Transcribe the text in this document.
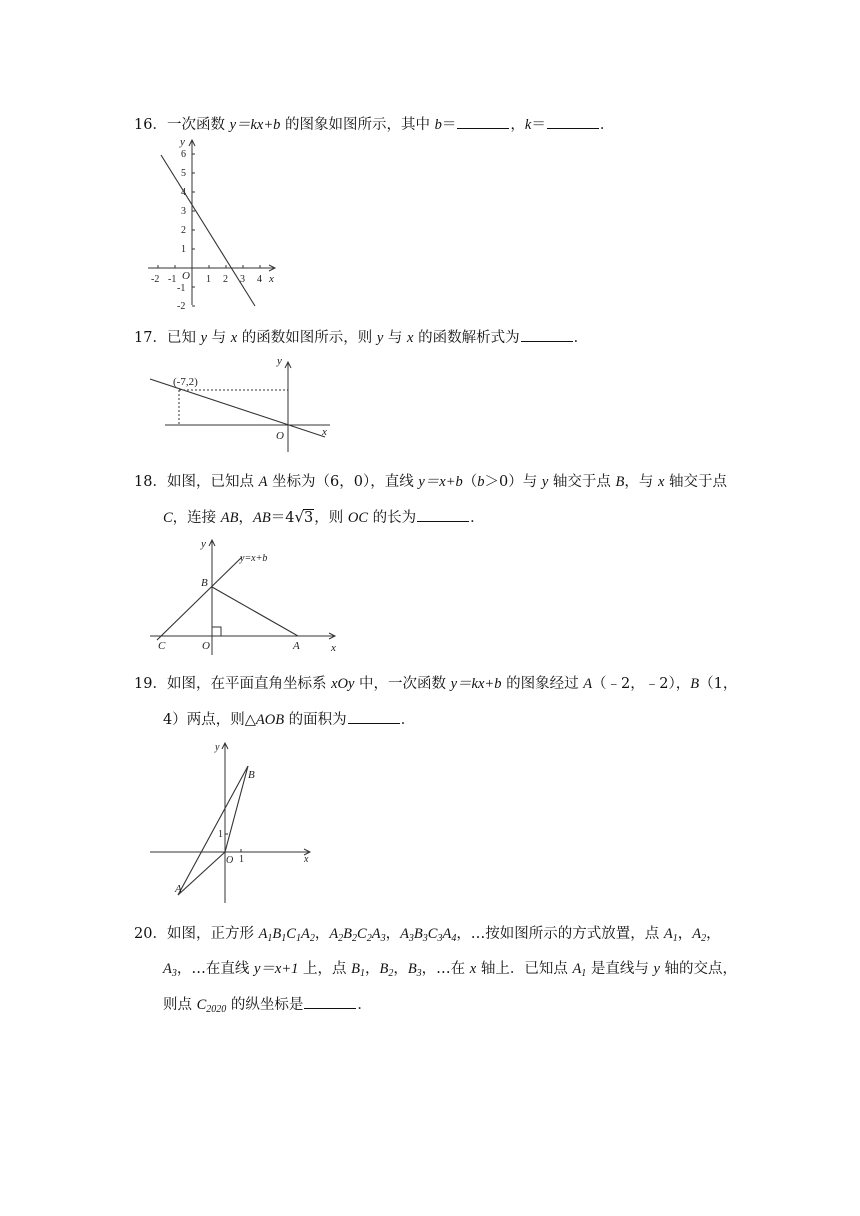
16．一次函数 y＝kx+b 的图象如图所示，其中 b＝	，k＝	．
-2 -1	1 2 3 4
6
5
4
3
2
1
-1
-2
O	x
y
17．已知 y 与 x 的函数如图所示，则 y 与 x 的函数解析式为	．
(-7,2)
O	x
y
18．如图，已知点 A 坐标为（6，0），直线 y＝x+b（b＞0）与 y 轴交于点 B，与 x 轴交于点
C，连接 AB，AB＝4√3，则 OC 的长为	．
y=x+b
B
C	O	A	x
y
19．如图，在平面直角坐标系 xOy 中，一次函数 y＝kx+b 的图象经过 A（﹣2，﹣2），B（1，
4）两点，则△AOB 的面积为	．
B
A
O 1
1
x
y
20．如图，正方形 $A_1B_1C_1A_2$，$A_2B_2C_2A_3$，$A_3B_3C_3A_4$，…按如图所示的方式放置，点 $A_1$，$A_2$，
$A_3$，…在直线 y＝x+1 上，点 $B_1$，$B_2$，$B_3$，…在 x 轴上．已知点 $A_1$ 是直线与 y 轴的交点，
则点 $C_{2020}$ 的纵坐标是	．
